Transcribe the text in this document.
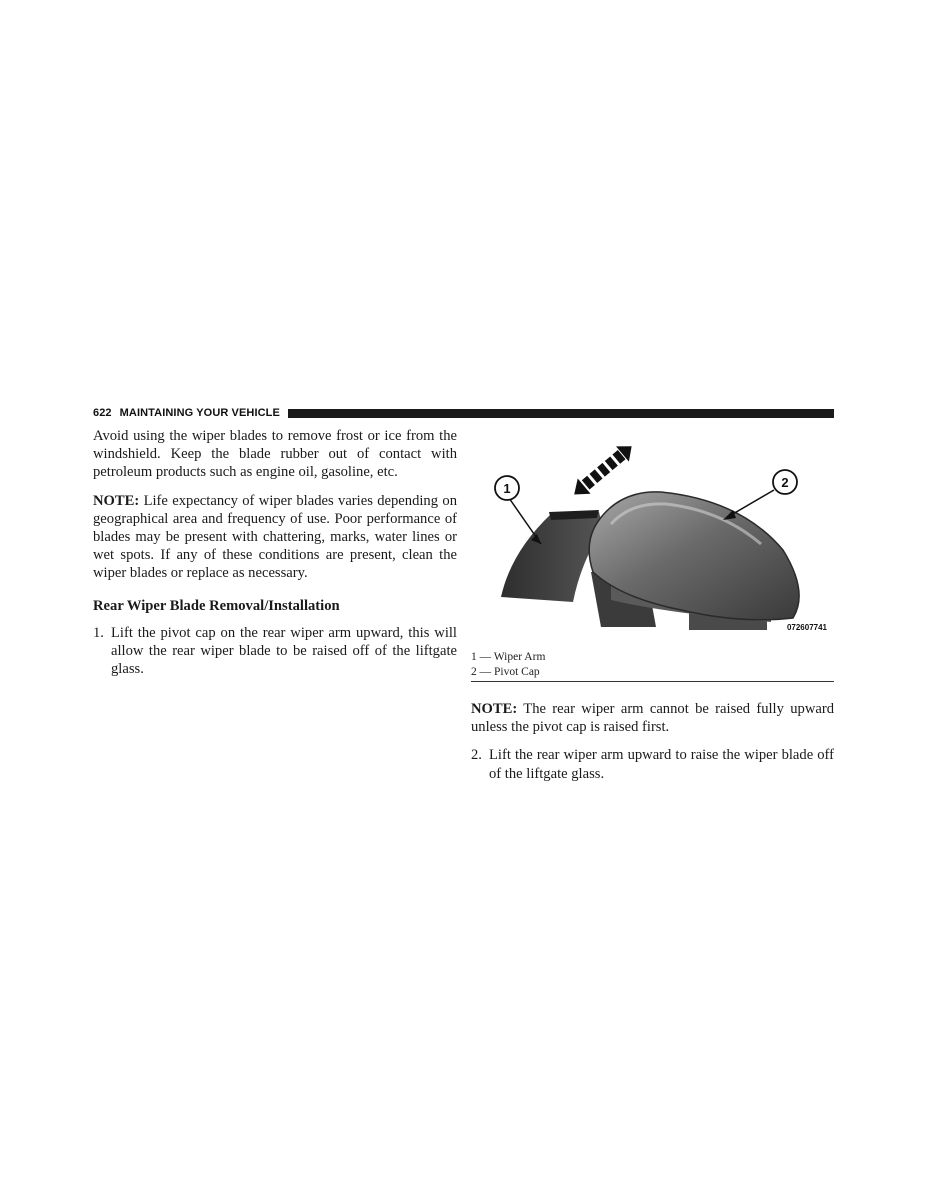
622 MAINTAINING YOUR VEHICLE

Avoid using the wiper blades to remove frost or ice from the windshield. Keep the blade rubber out of contact with petroleum products such as engine oil, gasoline, etc.

NOTE: Life expectancy of wiper blades varies depending on geographical area and frequency of use. Poor performance of blades may be present with chattering, marks, water lines or wet spots. If any of these conditions are present, clean the wiper blades or replace as necessary.

Rear Wiper Blade Removal/Installation
1. Lift the pivot cap on the rear wiper arm upward, this will allow the rear wiper blade to be raised off of the liftgate glass.
1	2
072607741
1 — Wiper Arm
2 — Pivot Cap

NOTE: The rear wiper arm cannot be raised fully upward unless the pivot cap is raised first.

2. Lift the rear wiper arm upward to raise the wiper blade off of the liftgate glass.
